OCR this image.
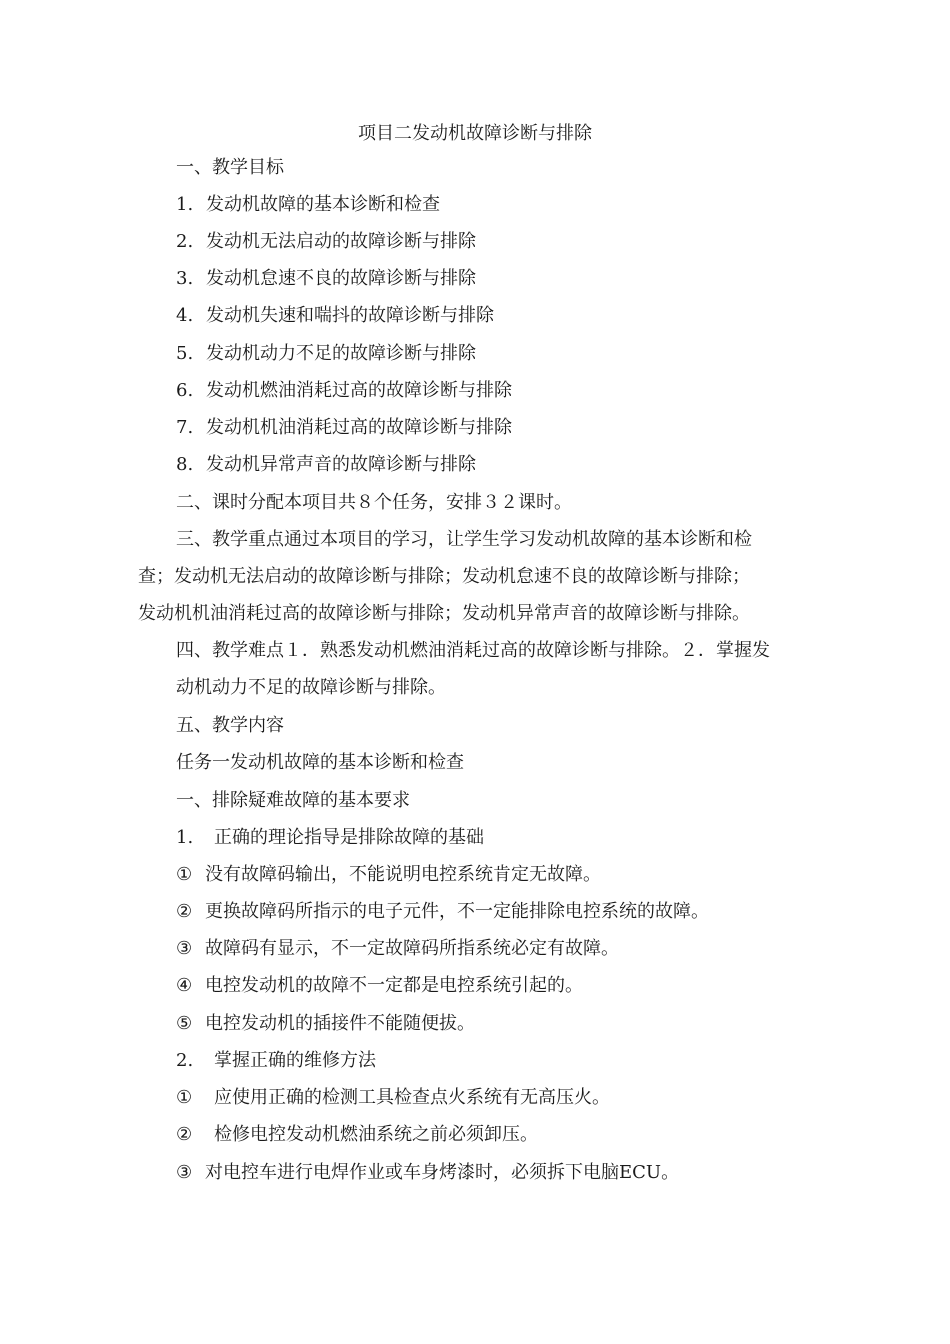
项目二发动机故障诊断与排除

一、教学目标

1. 发动机故障的基本诊断和检查

2. 发动机无法启动的故障诊断与排除

3. 发动机怠速不良的故障诊断与排除

4. 发动机失速和喘抖的故障诊断与排除

5. 发动机动力不足的故障诊断与排除

6. 发动机燃油消耗过高的故障诊断与排除

7. 发动机机油消耗过高的故障诊断与排除

8. 发动机异常声音的故障诊断与排除

二、课时分配本项目共８个任务，安排３２课时。

三、教学重点通过本项目的学习，让学生学习发动机故障的基本诊断和检

查；发动机无法启动的故障诊断与排除；发动机怠速不良的故障诊断与排除；

发动机机油消耗过高的故障诊断与排除；发动机异常声音的故障诊断与排除。

四、教学难点１．熟悉发动机燃油消耗过高的故障诊断与排除。２．掌握发

动机动力不足的故障诊断与排除。

五、教学内容

任务一发动机故障的基本诊断和检查

一、排除疑难故障的基本要求

1. 正确的理论指导是排除故障的基础

① 没有故障码输出，不能说明电控系统肯定无故障。

② 更换故障码所指示的电子元件，不一定能排除电控系统的故障。

③ 故障码有显示，不一定故障码所指系统必定有故障。

④ 电控发动机的故障不一定都是电控系统引起的。

⑤ 电控发动机的插接件不能随便拔。

2. 掌握正确的维修方法

① 应使用正确的检测工具检查点火系统有无高压火。

② 检修电控发动机燃油系统之前必须卸压。

③ 对电控车进行电焊作业或车身烤漆时，必须拆下电脑ECU。
